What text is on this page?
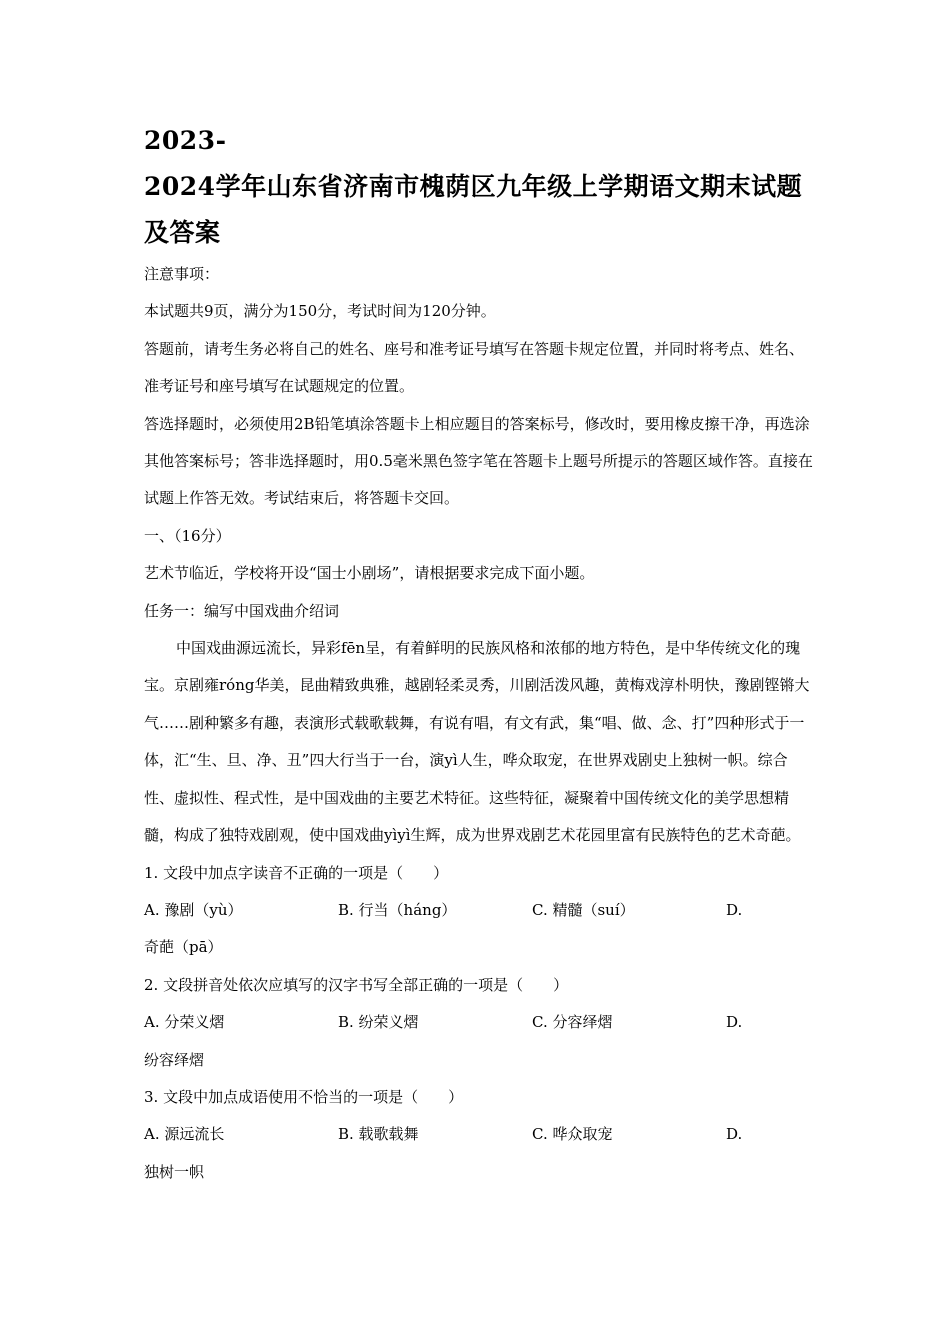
2023-

2024学年山东省济南市槐荫区九年级上学期语文期末试题

及答案

注意事项：

本试题共9页，满分为150分，考试时间为120分钟。

答题前，请考生务必将自己的姓名、座号和准考证号填写在答题卡规定位置，并同时将考点、姓名、准考证号和座号填写在试题规定的位置。

答选择题时，必须使用2B铅笔填涂答题卡上相应题目的答案标号，修改时，要用橡皮擦干净，再选涂其他答案标号；答非选择题时，用0.5毫米黑色签字笔在答题卡上题号所提示的答题区域作答。直接在试题上作答无效。考试结束后，将答题卡交回。

一、（16分）

艺术节临近，学校将开设“国士小剧场”，请根据要求完成下面小题。

任务一：编写中国戏曲介绍词

中国戏曲源远流长，异彩fēn呈，有着鲜明的民族风格和浓郁的地方特色，是中华传统文化的瑰宝。京剧雍róng华美，昆曲精致典雅，越剧轻柔灵秀，川剧活泼风趣，黄梅戏淳朴明快，豫剧铿锵大气……剧种繁多有趣，表演形式载歌载舞，有说有唱，有文有武，集“唱、做、念、打”四种形式于一体，汇“生、旦、净、丑”四大行当于一台，演yì人生，哗众取宠，在世界戏剧史上独树一帜。综合性、虚拟性、程式性，是中国戏曲的主要艺术特征。这些特征，凝聚着中国传统文化的美学思想精髓，构成了独特戏剧观，使中国戏曲yìyì生辉，成为世界戏剧艺术花园里富有民族特色的艺术奇葩。

1. 文段中加点字读音不正确的一项是（　　）

A. 豫剧（yù）	B. 行当（háng）	C. 精髓（suí）	D.

奇葩（pā）

2. 文段拼音处依次应填写的汉字书写全部正确的一项是（　　）

A. 分荣义熠	B. 纷荣义熠	C. 分容绎熠	D.

纷容绎熠

3. 文段中加点成语使用不恰当的一项是（　　）

A. 源远流长	B. 载歌载舞	C. 哗众取宠	D.

独树一帜
